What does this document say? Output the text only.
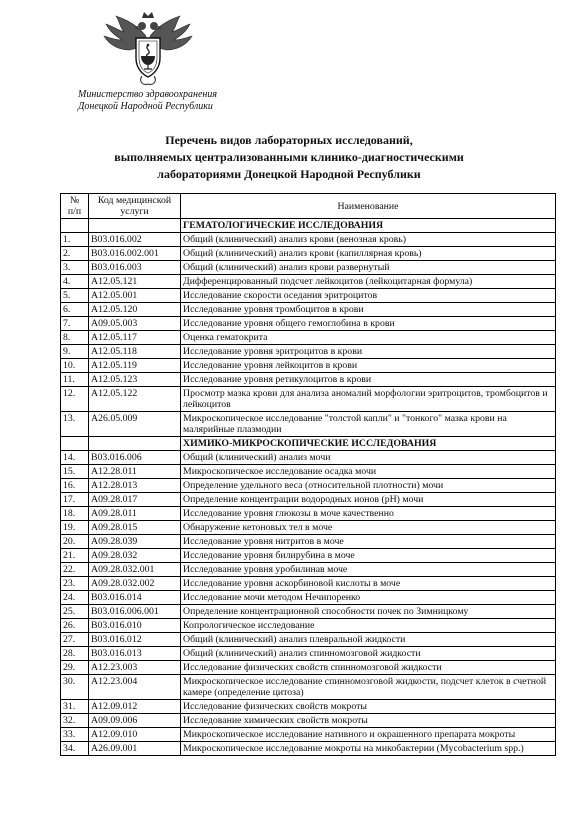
Министерство здравоохранения
Донецкой Народной Республики
Перечень видов лабораторных исследований,
выполняемых централизованными клинико-диагностическими
лабораториями Донецкой Народной Республики
№
п/п	Код медицинской услуги	Наименование
		ГЕМАТОЛОГИЧЕСКИЕ ИССЛЕДОВАНИЯ
1.	B03.016.002	Общий (клинический) анализ крови (венозная кровь)
2.	B03.016.002.001	Общий (клинический) анализ крови (капиллярная кровь)
3.	B03.016.003	Общий (клинический) анализ крови развернутый
4.	A12.05.121	Дифференцированный подсчет лейкоцитов (лейкоцитарная формула)
5.	A12.05.001	Исследование скорости оседания эритроцитов
6.	A12.05.120	Исследование уровня тромбоцитов в крови
7.	A09.05.003	Исследование уровня общего гемоглобина в крови
8.	A12.05.117	Оценка гематокрита
9.	A12.05.118	Исследование уровня эритроцитов в крови
10.	A12.05.119	Исследование уровня лейкоцитов в крови
11.	A12.05.123	Исследование уровня ретикулоцитов в крови
12.	A12.05.122	Просмотр мазка крови для анализа аномалий морфологии эритроцитов, тромбоцитов и лейкоцитов
13.	A26.05.009	Микроскопическое исследование "толстой капли" и "тонкого" мазка крови на малярийные плазмодии
		ХИМИКО-МИКРОСКОПИЧЕСКИЕ ИССЛЕДОВАНИЯ
14.	B03.016.006	Общий (клинический) анализ мочи
15.	A12.28.011	Микроскопическое исследование осадка мочи
16.	A12.28.013	Определение удельного веса (относительной плотности) мочи
17.	A09.28.017	Определение концентрации водородных ионов (pH) мочи
18.	A09.28.011	Исследование уровня глюкозы в моче качественно
19.	A09.28.015	Обнаружение кетоновых тел в моче
20.	A09.28.039	Исследование уровня нитритов в моче
21.	A09.28.032	Исследование уровня билирубина в моче
22.	A09.28.032.001	Исследование уровня уробилинав моче
23.	A09.28.032.002	Исследование уровня аскорбиновой кислоты в моче
24.	B03.016.014	Исследование мочи методом Нечипоренко
25.	B03.016.006.001	Определение концентрационной способности почек по Зимницкому
26.	B03.016.010	Копрологическое исследование
27.	B03.016.012	Общий (клинический) анализ плевральной жидкости
28.	B03.016.013	Общий (клинический) анализ спинномозговой жидкости
29.	A12.23.003	Исследование физических свойств спинномозговой жидкости
30.	A12.23.004	Микроскопическое исследование спинномозговой жидкости, подсчет клеток в счетной камере (определение цитоза)
31.	A12.09.012	Исследование физических свойств мокроты
32.	A09.09.006	Исследование химических свойств мокроты
33.	A12.09.010	Микроскопическое исследование нативного и окрашенного препарата мокроты
34.	A26.09.001	Микроскопическое исследование мокроты на микобактерии (Mycobacterium spp.)
